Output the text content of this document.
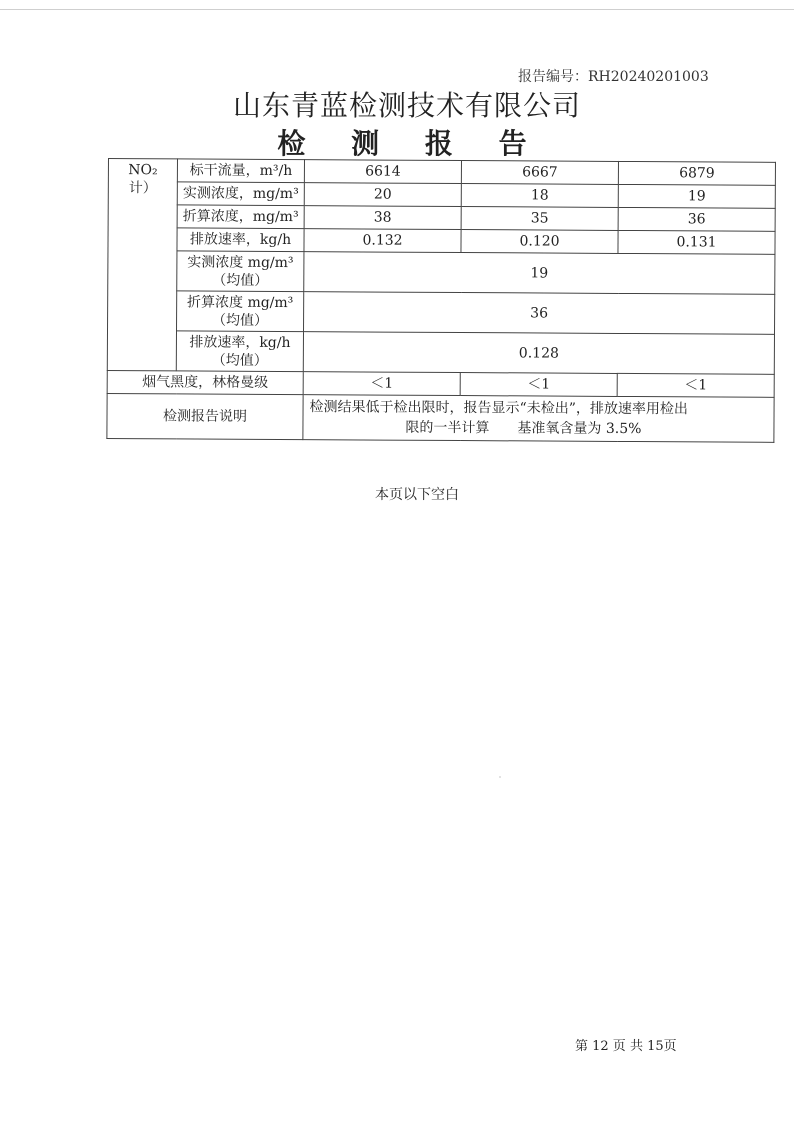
报告编号：RH20240201003
山东青蓝检测技术有限公司
检 测 报 告
NO₂
计）	标干流量，m³/h	6614	6667	6879
	实测浓度，mg/m³	20	18	19
	折算浓度，mg/m³	38	35	36
	排放速率，kg/h	0.132	0.120	0.131

	实测浓度 mg/m³
（均值）	19		

	折算浓度 mg/m³
（均值）	36		

	排放速率，kg/h
（均值）	0.128		
烟气黑度，林格曼级		＜1	＜1	＜1
检测报告说明		检测结果低于检出限时，报告显示“未检出”，排放速率用检出
限的一半计算　　基准氧含量为 3.5%		
本页以下空白
第 12 页 共 15页
